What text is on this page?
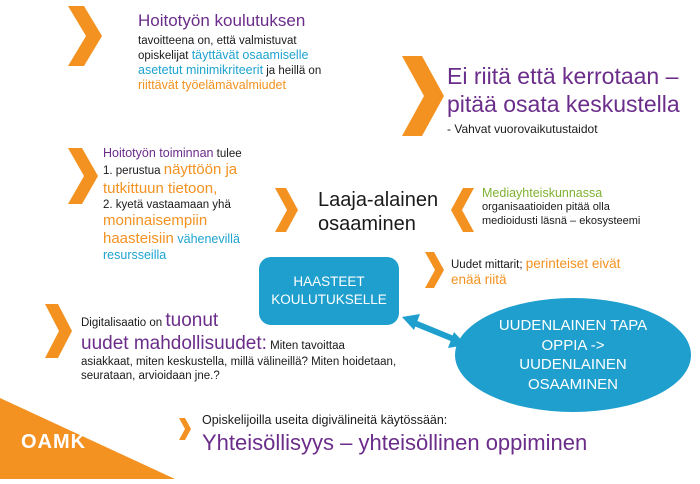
Hoitotyön koulutuksen
tavoitteena on, että valmistuvat
opiskelijat täyttävät osaamiselle
asetetut minimikriteerit ja heillä on
riittävät työelämävalmiudet	Ei riitä että kerrotaan –
pitää osata keskustella
- Vahvat vuorovaikutustaidot
Hoitotyön toiminnan tulee
1. perustua näyttöön ja
tutkittuun tietoon,
2. kyetä vastaamaan yhä
moninaisempiin
haasteisiin vähenevillä
resursseilla
Laaja-alainen
osaaminen
Mediayhteiskunnassa
organisaatioiden pitää olla
medioidusti läsnä – ekosysteemi
Uudet mittarit; perinteiset eivät
enää riitä
HAASTEET
KOULUTUKSELLE
UUDENLAINEN TAPA
OPPIA ->
UUDENLAINEN
OSAAMINEN
Digitalisaatio on tuonut
uudet mahdollisuudet: Miten tavoittaa
asiakkaat, miten keskustella, millä välineillä? Miten hoidetaan,
seurataan, arvioidaan jne.?
OAMK
Opiskelijoilla useita digivälineitä käytössään:
Yhteisöllisyys – yhteisöllinen oppiminen
